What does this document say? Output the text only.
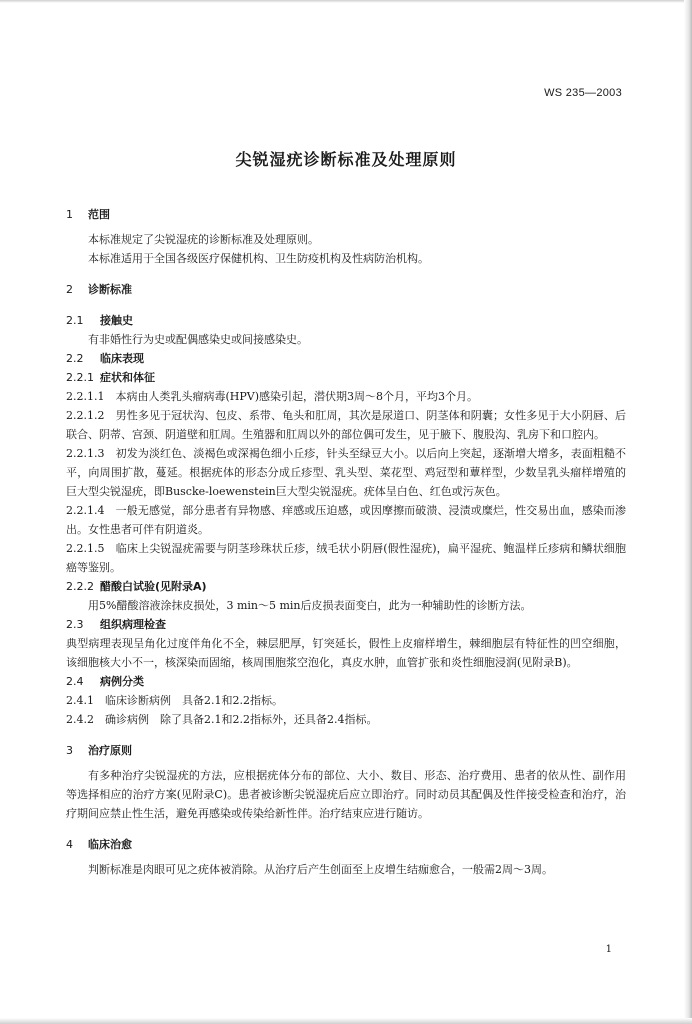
WS 235—2003
尖锐湿疣诊断标准及处理原则
1 范围
本标准规定了尖锐湿疣的诊断标准及处理原则。
本标准适用于全国各级医疗保健机构、卫生防疫机构及性病防治机构。
2 诊断标准
2.1 接触史
有非婚性行为史或配偶感染史或间接感染史。
2.2 临床表现
2.2.1 症状和体征
2.2.1.1　本病由人类乳头瘤病毒(HPV)感染引起，潜伏期3周～8个月，平均3个月。
2.2.1.2　男性多见于冠状沟、包皮、系带、龟头和肛周，其次是尿道口、阴茎体和阴囊；女性多见于大小阴唇、后联合、阴蒂、宫颈、阴道壁和肛周。生殖器和肛周以外的部位偶可发生，见于腋下、腹股沟、乳房下和口腔内。
2.2.1.3　初发为淡红色、淡褐色或深褐色细小丘疹，针头至绿豆大小。以后向上突起，逐渐增大增多，表面粗糙不平，向周围扩散，蔓延。根据疣体的形态分成丘疹型、乳头型、菜花型、鸡冠型和蕈样型，少数呈乳头瘤样增殖的巨大型尖锐湿疣，即Buscke-loewenstein巨大型尖锐湿疣。疣体呈白色、红色或污灰色。
2.2.1.4　一般无感觉，部分患者有异物感、痒感或压迫感，或因摩擦而破溃、浸渍或糜烂，性交易出血，感染而渗出。女性患者可伴有阴道炎。
2.2.1.5　临床上尖锐湿疣需要与阴茎珍珠状丘疹，绒毛状小阴唇(假性湿疣)，扁平湿疣、鲍温样丘疹病和鳞状细胞癌等鉴别。
2.2.2 醋酸白试验(见附录A)
用5%醋酸溶液涂抹皮损处，3 min～5 min后皮损表面变白，此为一种辅助性的诊断方法。
2.3 组织病理检查
典型病理表现呈角化过度伴角化不全，棘层肥厚，钉突延长，假性上皮瘤样增生，棘细胞层有特征性的凹空细胞，该细胞核大小不一，核深染而固缩，核周围胞浆空泡化，真皮水肿，血管扩张和炎性细胞浸润(见附录B)。
2.4 病例分类
2.4.1　临床诊断病例　具备2.1和2.2指标。
2.4.2　确诊病例　除了具备2.1和2.2指标外，还具备2.4指标。
3 治疗原则
有多种治疗尖锐湿疣的方法，应根据疣体分布的部位、大小、数目、形态、治疗费用、患者的依从性、副作用等选择相应的治疗方案(见附录C)。患者被诊断尖锐湿疣后应立即治疗。同时动员其配偶及性伴接受检查和治疗，治疗期间应禁止性生活，避免再感染或传染给新性伴。治疗结束应进行随访。
4 临床治愈
判断标准是肉眼可见之疣体被消除。从治疗后产生创面至上皮增生结痂愈合，一般需2周～3周。
1
